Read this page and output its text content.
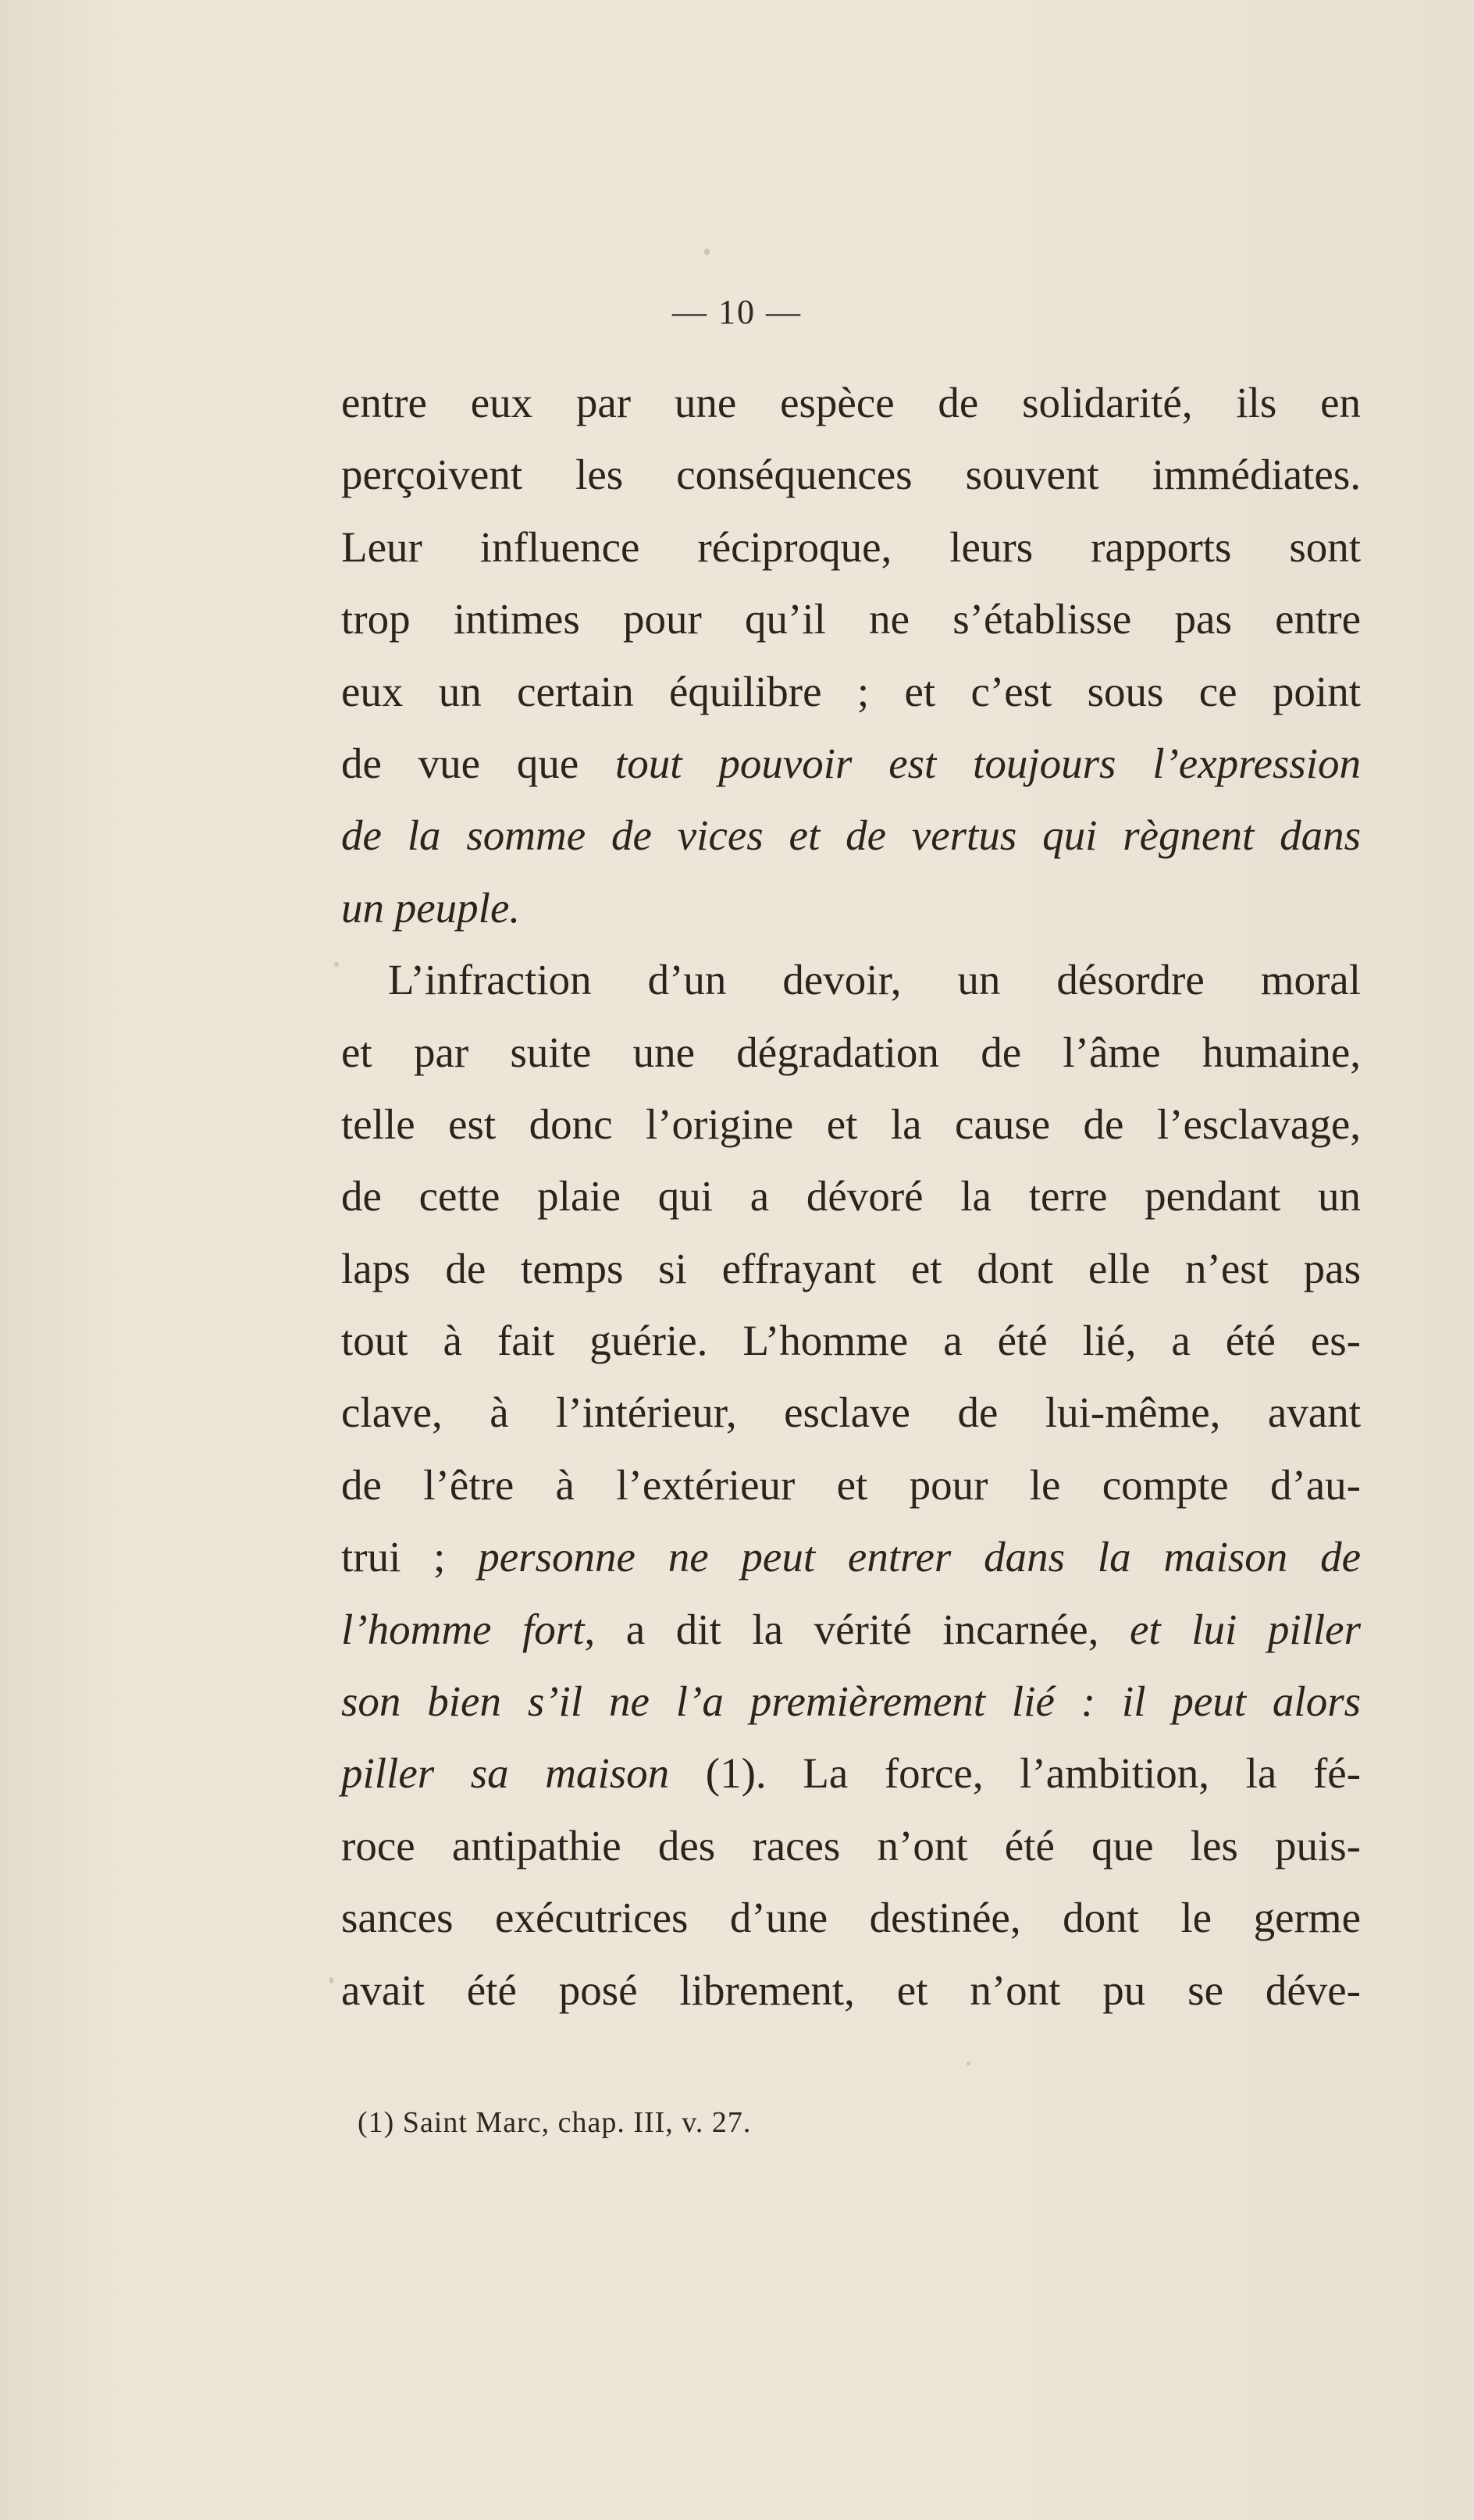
— 10 —
entre eux par une espèce de solidarité, ils en
perçoivent les conséquences souvent immédiates.
Leur influence réciproque, leurs rapports sont
trop intimes pour qu’il ne s’établisse pas entre
eux un certain équilibre ; et c’est sous ce point
de vue que tout pouvoir est toujours l’expression
de la somme de vices et de vertus qui règnent dans
un peuple.
L’infraction d’un devoir, un désordre moral
et par suite une dégradation de l’âme humaine,
telle est donc l’origine et la cause de l’esclavage,
de cette plaie qui a dévoré la terre pendant un
laps de temps si effrayant et dont elle n’est pas
tout à fait guérie. L’homme a été lié, a été es-
clave, à l’intérieur, esclave de lui-même, avant
de l’être à l’extérieur et pour le compte d’au-
trui ; personne ne peut entrer dans la maison de
l’homme fort, a dit la vérité incarnée, et lui piller
son bien s’il ne l’a premièrement lié : il peut alors
piller sa maison (1). La force, l’ambition, la fé-
roce antipathie des races n’ont été que les puis-
sances exécutrices d’une destinée, dont le germe
avait été posé librement, et n’ont pu se déve-
(1) Saint Marc, chap. III, v. 27.
